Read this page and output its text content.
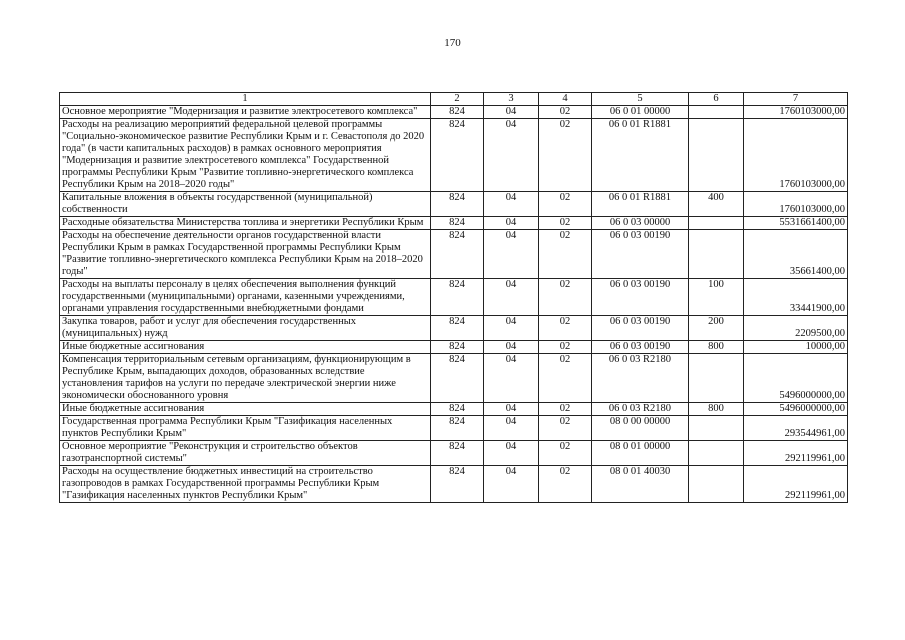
170
1	2	3	4	5	6	7
Основное мероприятие "Модернизация и развитие электросетевого комплекса"	824	04	02	06 0 01 00000		1760103000,00
Расходы на реализацию мероприятий федеральной целевой программы "Социально-экономическое развитие Республики Крым и г. Севастополя до 2020 года" (в части капитальных расходов) в рамках основного мероприятия "Модернизация и развитие электросетевого комплекса" Государственной программы Республики Крым "Развитие топливно-энергетического комплекса Республики Крым на 2018–2020 годы"	824	04	02	06 0 01 R1881		1760103000,00
Капитальные вложения в объекты государственной (муниципальной) собственности	824	04	02	06 0 01 R1881	400	1760103000,00
Расходные обязательства Министерства топлива и энергетики Республики Крым	824	04	02	06 0 03 00000		5531661400,00
Расходы на обеспечение деятельности органов государственной власти Республики Крым в рамках Государственной программы Республики Крым "Развитие топливно-энергетического комплекса Республики Крым на 2018–2020 годы"	824	04	02	06 0 03 00190		35661400,00
Расходы на выплаты персоналу в целях обеспечения выполнения функций государственными (муниципальными) органами, казенными учреждениями, органами управления государственными внебюджетными фондами	824	04	02	06 0 03 00190	100	33441900,00
Закупка товаров, работ и услуг для обеспечения государственных (муниципальных) нужд	824	04	02	06 0 03 00190	200	2209500,00
Иные бюджетные ассигнования	824	04	02	06 0 03 00190	800	10000,00
Компенсация территориальным сетевым организациям, функционирующим в Республике Крым, выпадающих доходов, образованных вследствие установления тарифов на услуги по передаче электрической энергии ниже экономически обоснованного уровня	824	04	02	06 0 03 R2180		5496000000,00
Иные бюджетные ассигнования	824	04	02	06 0 03 R2180	800	5496000000,00
Государственная программа Республики Крым "Газификация населенных пунктов Республики Крым"	824	04	02	08 0 00 00000		293544961,00
Основное мероприятие "Реконструкция и строительство объектов газотранспортной системы"	824	04	02	08 0 01 00000		292119961,00
Расходы на осуществление бюджетных инвестиций на строительство газопроводов в рамках Государственной программы Республики Крым "Газификация населенных пунктов Республики Крым"	824	04	02	08 0 01 40030		292119961,00
